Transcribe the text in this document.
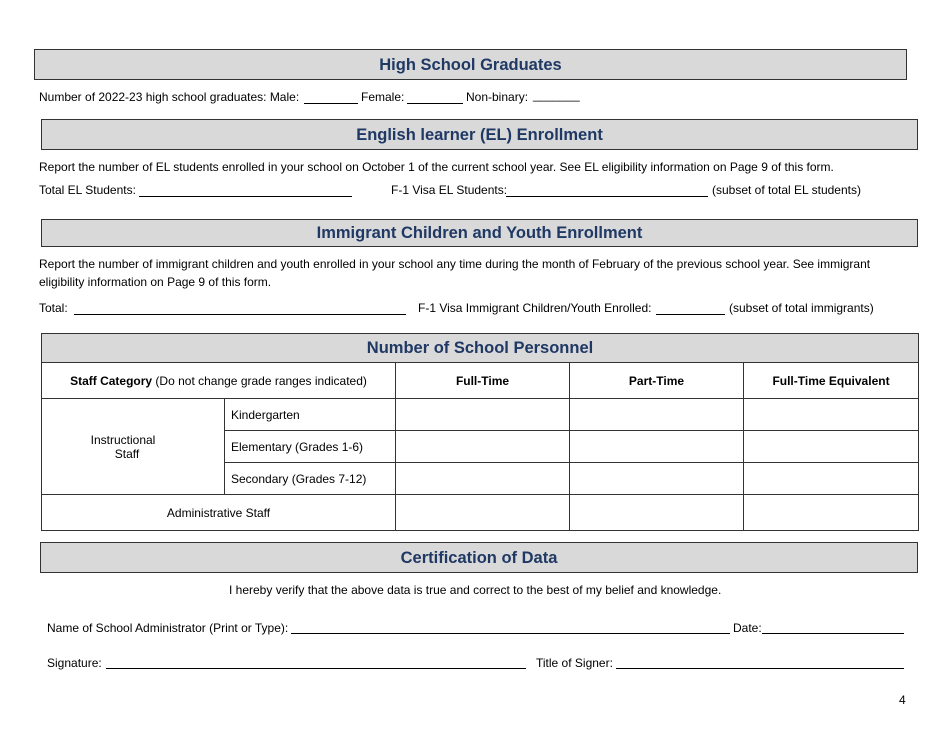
High School Graduates
Number of 2022-23 high school graduates: Male:	Female:	Non-binary: _______
English learner (EL) Enrollment
Report the number of EL students enrolled in your school on October 1 of the current school year. See EL eligibility information on Page 9 of this form.
Total EL Students:	F-1 Visa EL Students:	(subset of total EL students)
Immigrant Children and Youth Enrollment
Report the number of immigrant children and youth enrolled in your school any time during the month of February of the previous school year. See immigrant
eligibility information on Page 9 of this form.
Total:	F-1 Visa Immigrant Children/Youth Enrolled:	(subset of total immigrants)
Number of School Personnel				
Staff Category (Do not change grade ranges indicated)		Full-Time	Part-Time	Full-Time Equivalent

Instructional
Staff	Kindergarten			
	Elementary (Grades 1-6)			
	Secondary (Grades 7-12)			
Administrative Staff				
Certification of Data
I hereby verify that the above data is true and correct to the best of my belief and knowledge.
Name of School Administrator (Print or Type):	Date:
Signature:	Title of Signer:
4
